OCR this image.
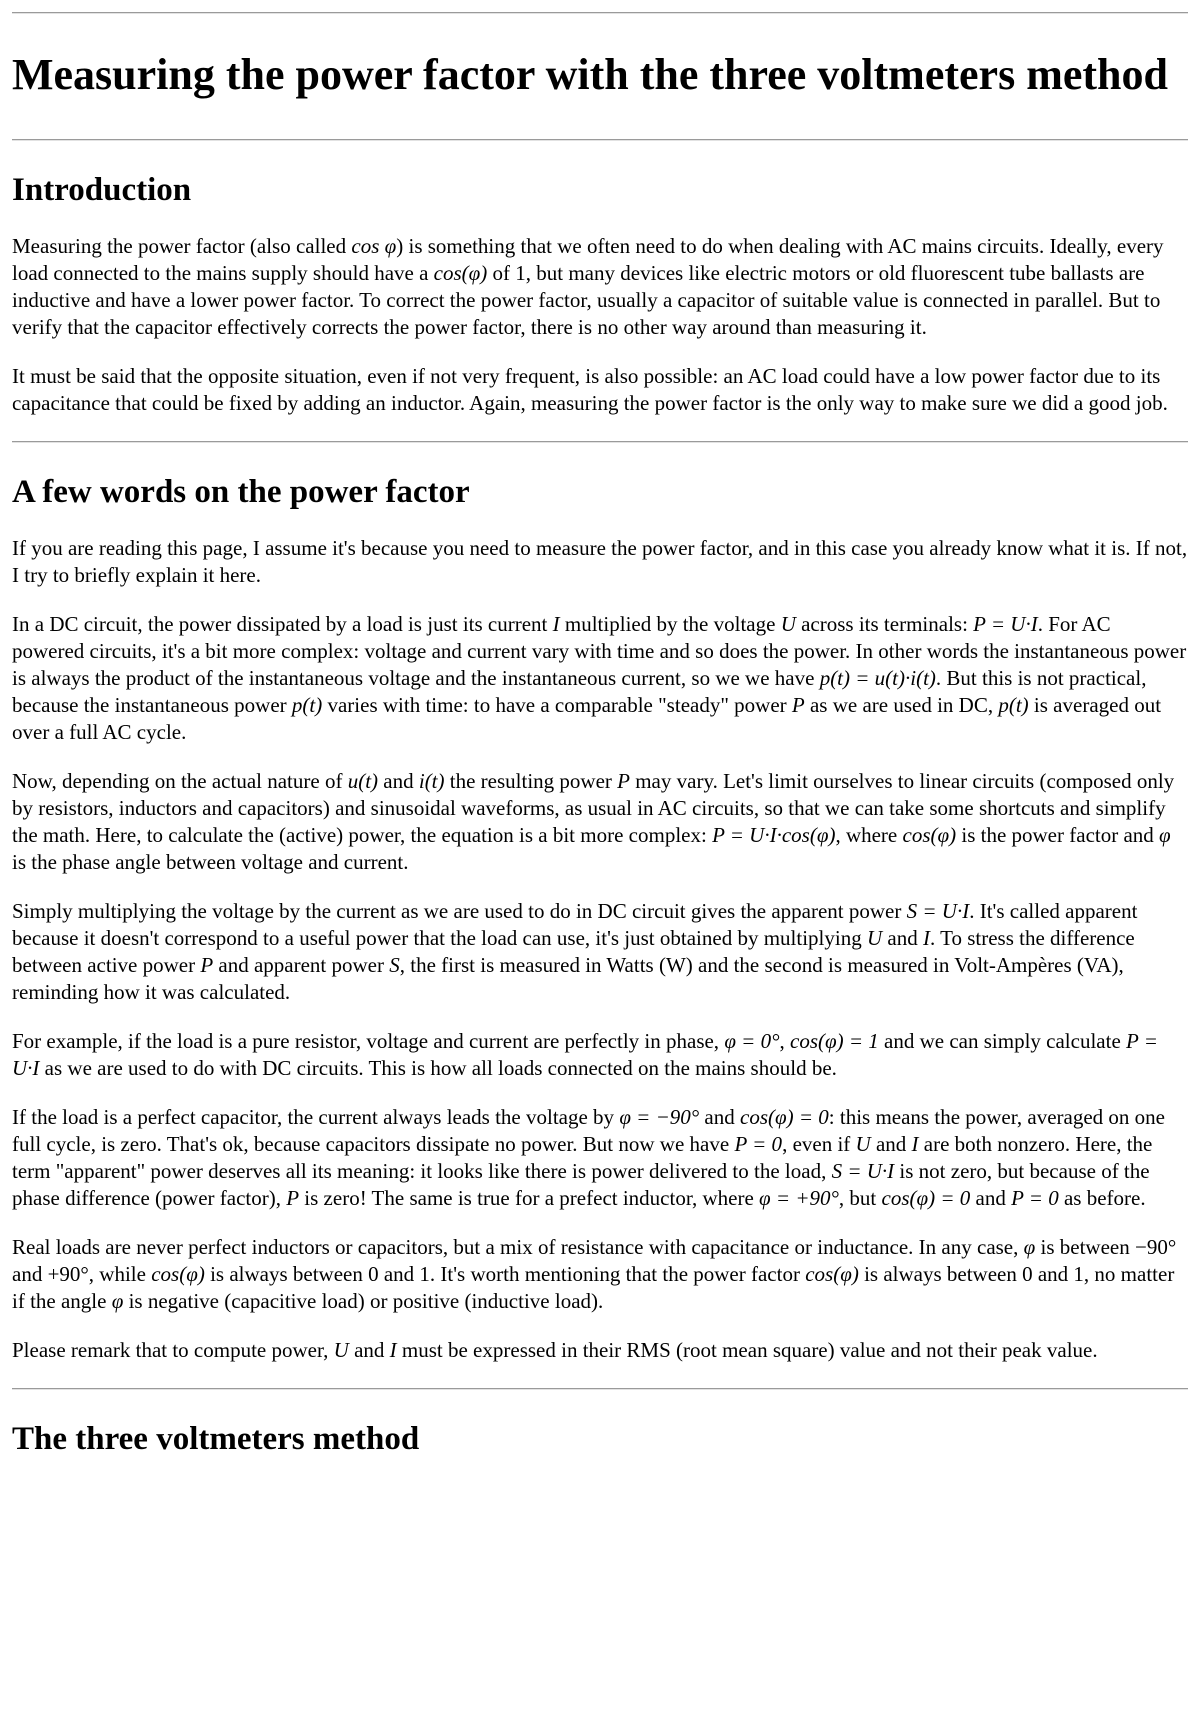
Measuring the power factor with the three voltmeters method
Introduction

Measuring the power factor (also called cos φ) is something that we often need to do when dealing with AC mains circuits. Ideally, every load connected to the mains supply should have a cos(φ) of 1, but many devices like electric motors or old fluorescent tube ballasts are inductive and have a lower power factor. To correct the power factor, usually a capacitor of suitable value is connected in parallel. But to verify that the capacitor effectively corrects the power factor, there is no other way around than measuring it.

It must be said that the opposite situation, even if not very frequent, is also possible: an AC load could have a low power factor due to its capacitance that could be fixed by adding an inductor. Again, measuring the power factor is the only way to make sure we did a good job.

A few words on the power factor

If you are reading this page, I assume it's because you need to measure the power factor, and in this case you already know what it is. If not, I try to briefly explain it here.

In a DC circuit, the power dissipated by a load is just its current I multiplied by the voltage U across its terminals: P = U·I. For AC powered circuits, it's a bit more complex: voltage and current vary with time and so does the power. In other words the instantaneous power is always the product of the instantaneous voltage and the instantaneous current, so we we have p(t) = u(t)·i(t). But this is not practical, because the instantaneous power p(t) varies with time: to have a comparable "steady" power P as we are used in DC, p(t) is averaged out over a full AC cycle.

Now, depending on the actual nature of u(t) and i(t) the resulting power P may vary. Let's limit ourselves to linear circuits (composed only by resistors, inductors and capacitors) and sinusoidal waveforms, as usual in AC circuits, so that we can take some shortcuts and simplify the math. Here, to calculate the (active) power, the equation is a bit more complex: P = U·I·cos(φ), where cos(φ) is the power factor and φ is the phase angle between voltage and current.

Simply multiplying the voltage by the current as we are used to do in DC circuit gives the apparent power S = U·I. It's called apparent because it doesn't correspond to a useful power that the load can use, it's just obtained by multiplying U and I. To stress the difference between active power P and apparent power S, the first is measured in Watts (W) and the second is measured in Volt-Ampères (VA), reminding how it was calculated.

For example, if the load is a pure resistor, voltage and current are perfectly in phase, φ = 0°, cos(φ) = 1 and we can simply calculate P = U·I as we are used to do with DC circuits. This is how all loads connected on the mains should be.

If the load is a perfect capacitor, the current always leads the voltage by φ = −90° and cos(φ) = 0: this means the power, averaged on one full cycle, is zero. That's ok, because capacitors dissipate no power. But now we have P = 0, even if U and I are both nonzero. Here, the term "apparent" power deserves all its meaning: it looks like there is power delivered to the load, S = U·I is not zero, but because of the phase difference (power factor), P is zero! The same is true for a prefect inductor, where φ = +90°, but cos(φ) = 0 and P = 0 as before.

Real loads are never perfect inductors or capacitors, but a mix of resistance with capacitance or inductance. In any case, φ is between −90° and +90°, while cos(φ) is always between 0 and 1. It's worth mentioning that the power factor cos(φ) is always between 0 and 1, no matter if the angle φ is negative (capacitive load) or positive (inductive load).

Please remark that to compute power, U and I must be expressed in their RMS (root mean square) value and not their peak value.

The three voltmeters method
